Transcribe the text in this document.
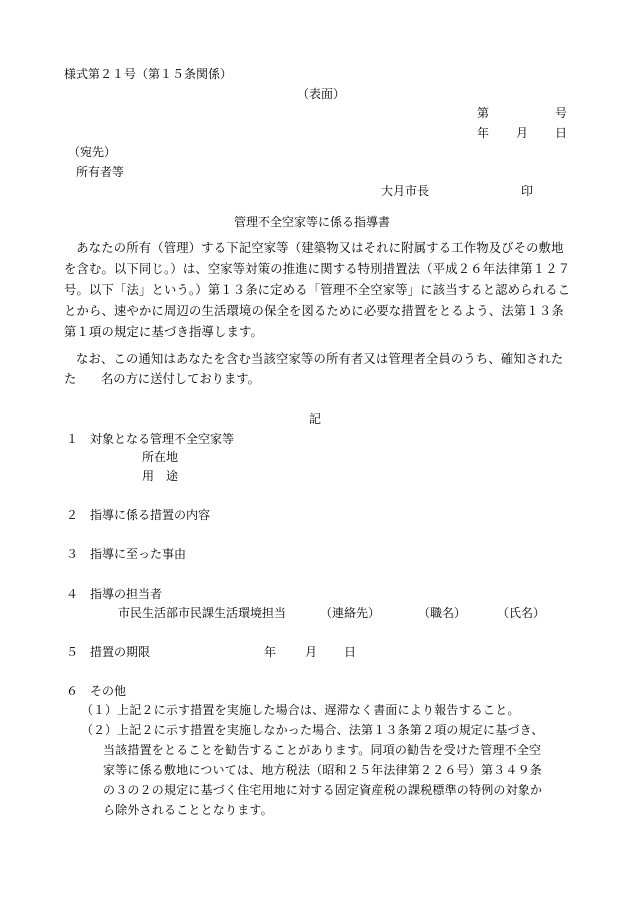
様式第２１号（第１５条関係）
（表面）
第	号
年 月 日
（宛先）
所有者等
大月市長	印
管理不全空家等に係る指導書

あなたの所有（管理）する下記空家等（建築物又はそれに附属する工作物及びその敷地を含む。以下同じ。）は、空家等対策の推進に関する特別措置法（平成２６年法律第１２７号。以下「法」という。）第１３条に定める「管理不全空家等」に該当すると認められることから、速やかに周辺の生活環境の保全を図るために必要な措置をとるよう、法第１３条第１項の規定に基づき指導します。

なお、この通知はあなたを含む当該空家等の所有者又は管理者全員のうち、確知された
た 名の方に送付しております。
記
１ 対象となる管理不全空家等
所在地
用　途
２ 指導に係る措置の内容
３ 指導に至った事由
４ 指導の担当者
市民生活部市民課生活環境担当	（連絡先）	（職名）	（氏名）
５ 措置の期限	年 月 日
６ その他
（１） 上記２に示す措置を実施した場合は、遅滞なく書面により報告すること。
（２） 上記２に示す措置を実施しなかった場合、法第１３条第２項の規定に基づき、
当該措置をとることを勧告することがあります。同項の勧告を受けた管理不全空
家等に係る敷地については、地方税法（昭和２５年法律第２２６号）第３４９条
の３の２の規定に基づく住宅用地に対する固定資産税の課税標準の特例の対象か
ら除外されることとなります。
